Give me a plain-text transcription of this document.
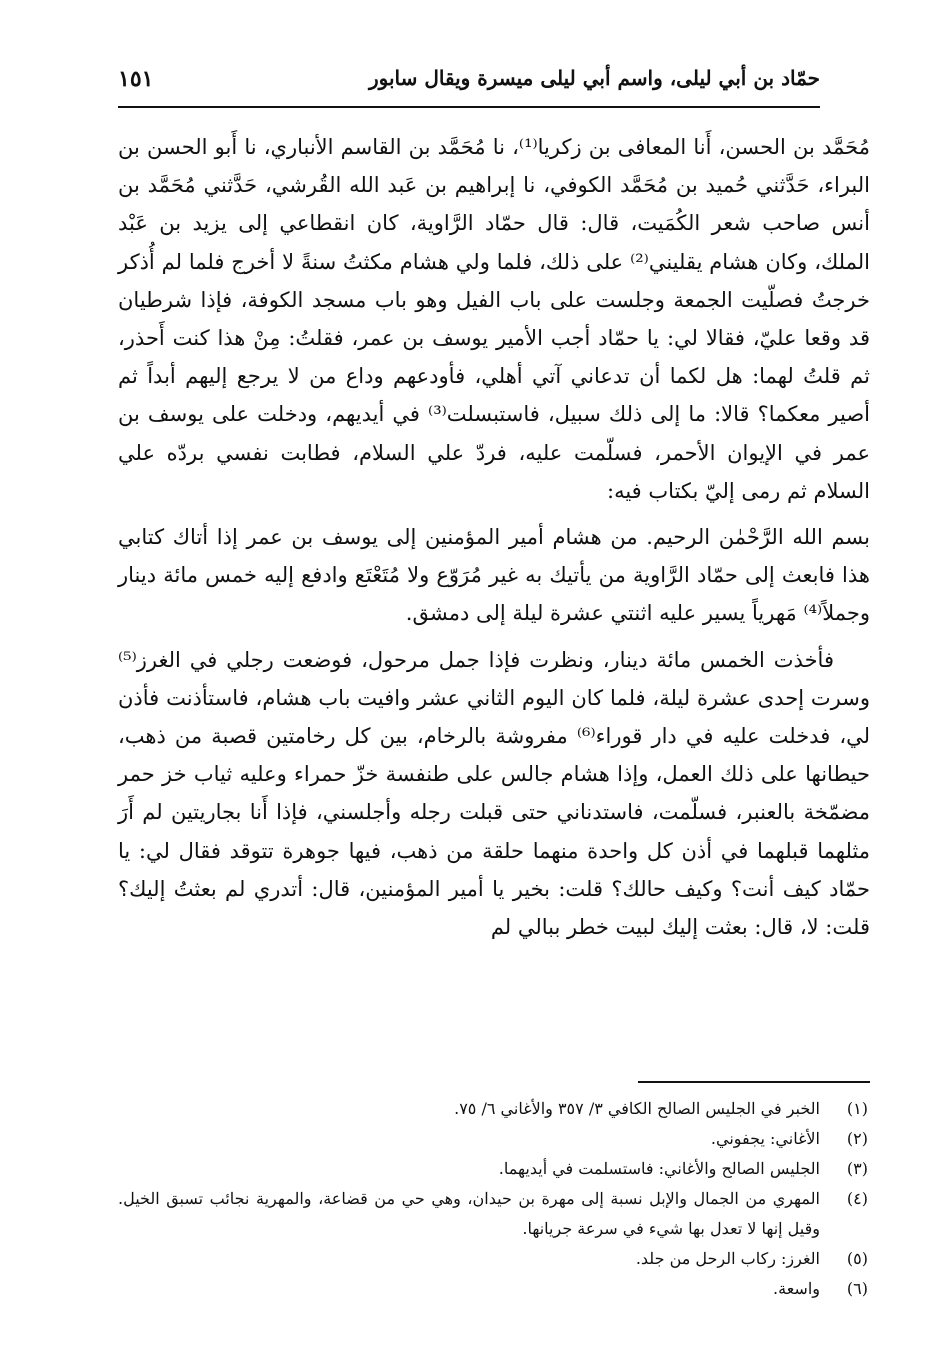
حمّاد بن أبي ليلى، واسم أبي ليلى ميسرة ويقال سابور
١٥١

مُحَمَّد بن الحسن، أَنا المعافى بن زكريا⁽¹⁾، نا مُحَمَّد بن القاسم الأنباري، نا أَبو الحسن بن البراء، حَدَّثني حُميد بن مُحَمَّد الكوفي، نا إبراهيم بن عَبد الله القُرشي، حَدَّثني مُحَمَّد بن أنس صاحب شعر الكُمَيت، قال: قال حمّاد الرَّاوية، كان انقطاعي إلى يزيد بن عَبْد الملك، وكان هشام يقليني⁽²⁾ على ذلك، فلما ولي هشام مكثتُ سنةً لا أخرج فلما لم أُذكر خرجتُ فصلّيت الجمعة وجلست على باب الفيل وهو باب مسجد الكوفة، فإذا شرطيان قد وقعا عليّ، فقالا لي: يا حمّاد أجب الأمير يوسف بن عمر، فقلتُ: مِنْ هذا كنت أَحذر، ثم قلتُ لهما: هل لكما أن تدعاني آتي أهلي، فأودعهم وداع من لا يرجع إليهم أبداً ثم أصير معكما؟ قالا: ما إلى ذلك سبيل، فاستبسلت⁽³⁾ في أيديهم، ودخلت على يوسف بن عمر في الإيوان الأحمر، فسلّمت عليه، فردّ علي السلام، فطابت نفسي بردّه علي السلام ثم رمى إليّ بكتاب فيه:

بسم الله الرَّحْمٰن الرحيم. من هشام أمير المؤمنين إلى يوسف بن عمر إذا أتاك كتابي هذا فابعث إلى حمّاد الرَّاوية من يأتيك به غير مُرَوّع ولا مُتَعْتَع وادفع إليه خمس مائة دينار وجملاً⁽⁴⁾ مَهرياً يسير عليه اثنتي عشرة ليلة إلى دمشق.

فأخذت الخمس مائة دينار، ونظرت فإذا جمل مرحول، فوضعت رجلي في الغرز⁽⁵⁾ وسرت إحدى عشرة ليلة، فلما كان اليوم الثاني عشر وافيت باب هشام، فاستأذنت فأذن لي، فدخلت عليه في دار قوراء⁽⁶⁾ مفروشة بالرخام، بين كل رخامتين قصبة من ذهب، حيطانها على ذلك العمل، وإذا هشام جالس على طنفسة خزّ حمراء وعليه ثياب خز حمر مضمّخة بالعنبر، فسلّمت، فاستدناني حتى قبلت رجله وأجلسني، فإذا أَنا بجاريتين لم أَرَ مثلهما قبلهما في أذن كل واحدة منهما حلقة من ذهب، فيها جوهرة تتوقد فقال لي: يا حمّاد كيف أنت؟ وكيف حالك؟ قلت: بخير يا أمير المؤمنين، قال: أتدري لم بعثتُ إليك؟ قلت: لا، قال: بعثت إليك لبيت خطر ببالي لم

(١)
الخبر في الجليس الصالح الكافي ٣/ ٣٥٧ والأغاني ٦/ ٧٥.
(٢)
الأغاني: يجفوني.
(٣)
الجليس الصالح والأغاني: فاستسلمت في أيديهما.
(٤)
المهري من الجمال والإبل نسبة إلى مهرة بن حيدان، وهي حي من قضاعة، والمهرية نجائب تسبق الخيل. وقيل إنها لا تعدل بها شيء في سرعة جريانها.
(٥)
الغرز: ركاب الرحل من جلد.
(٦)
واسعة.
